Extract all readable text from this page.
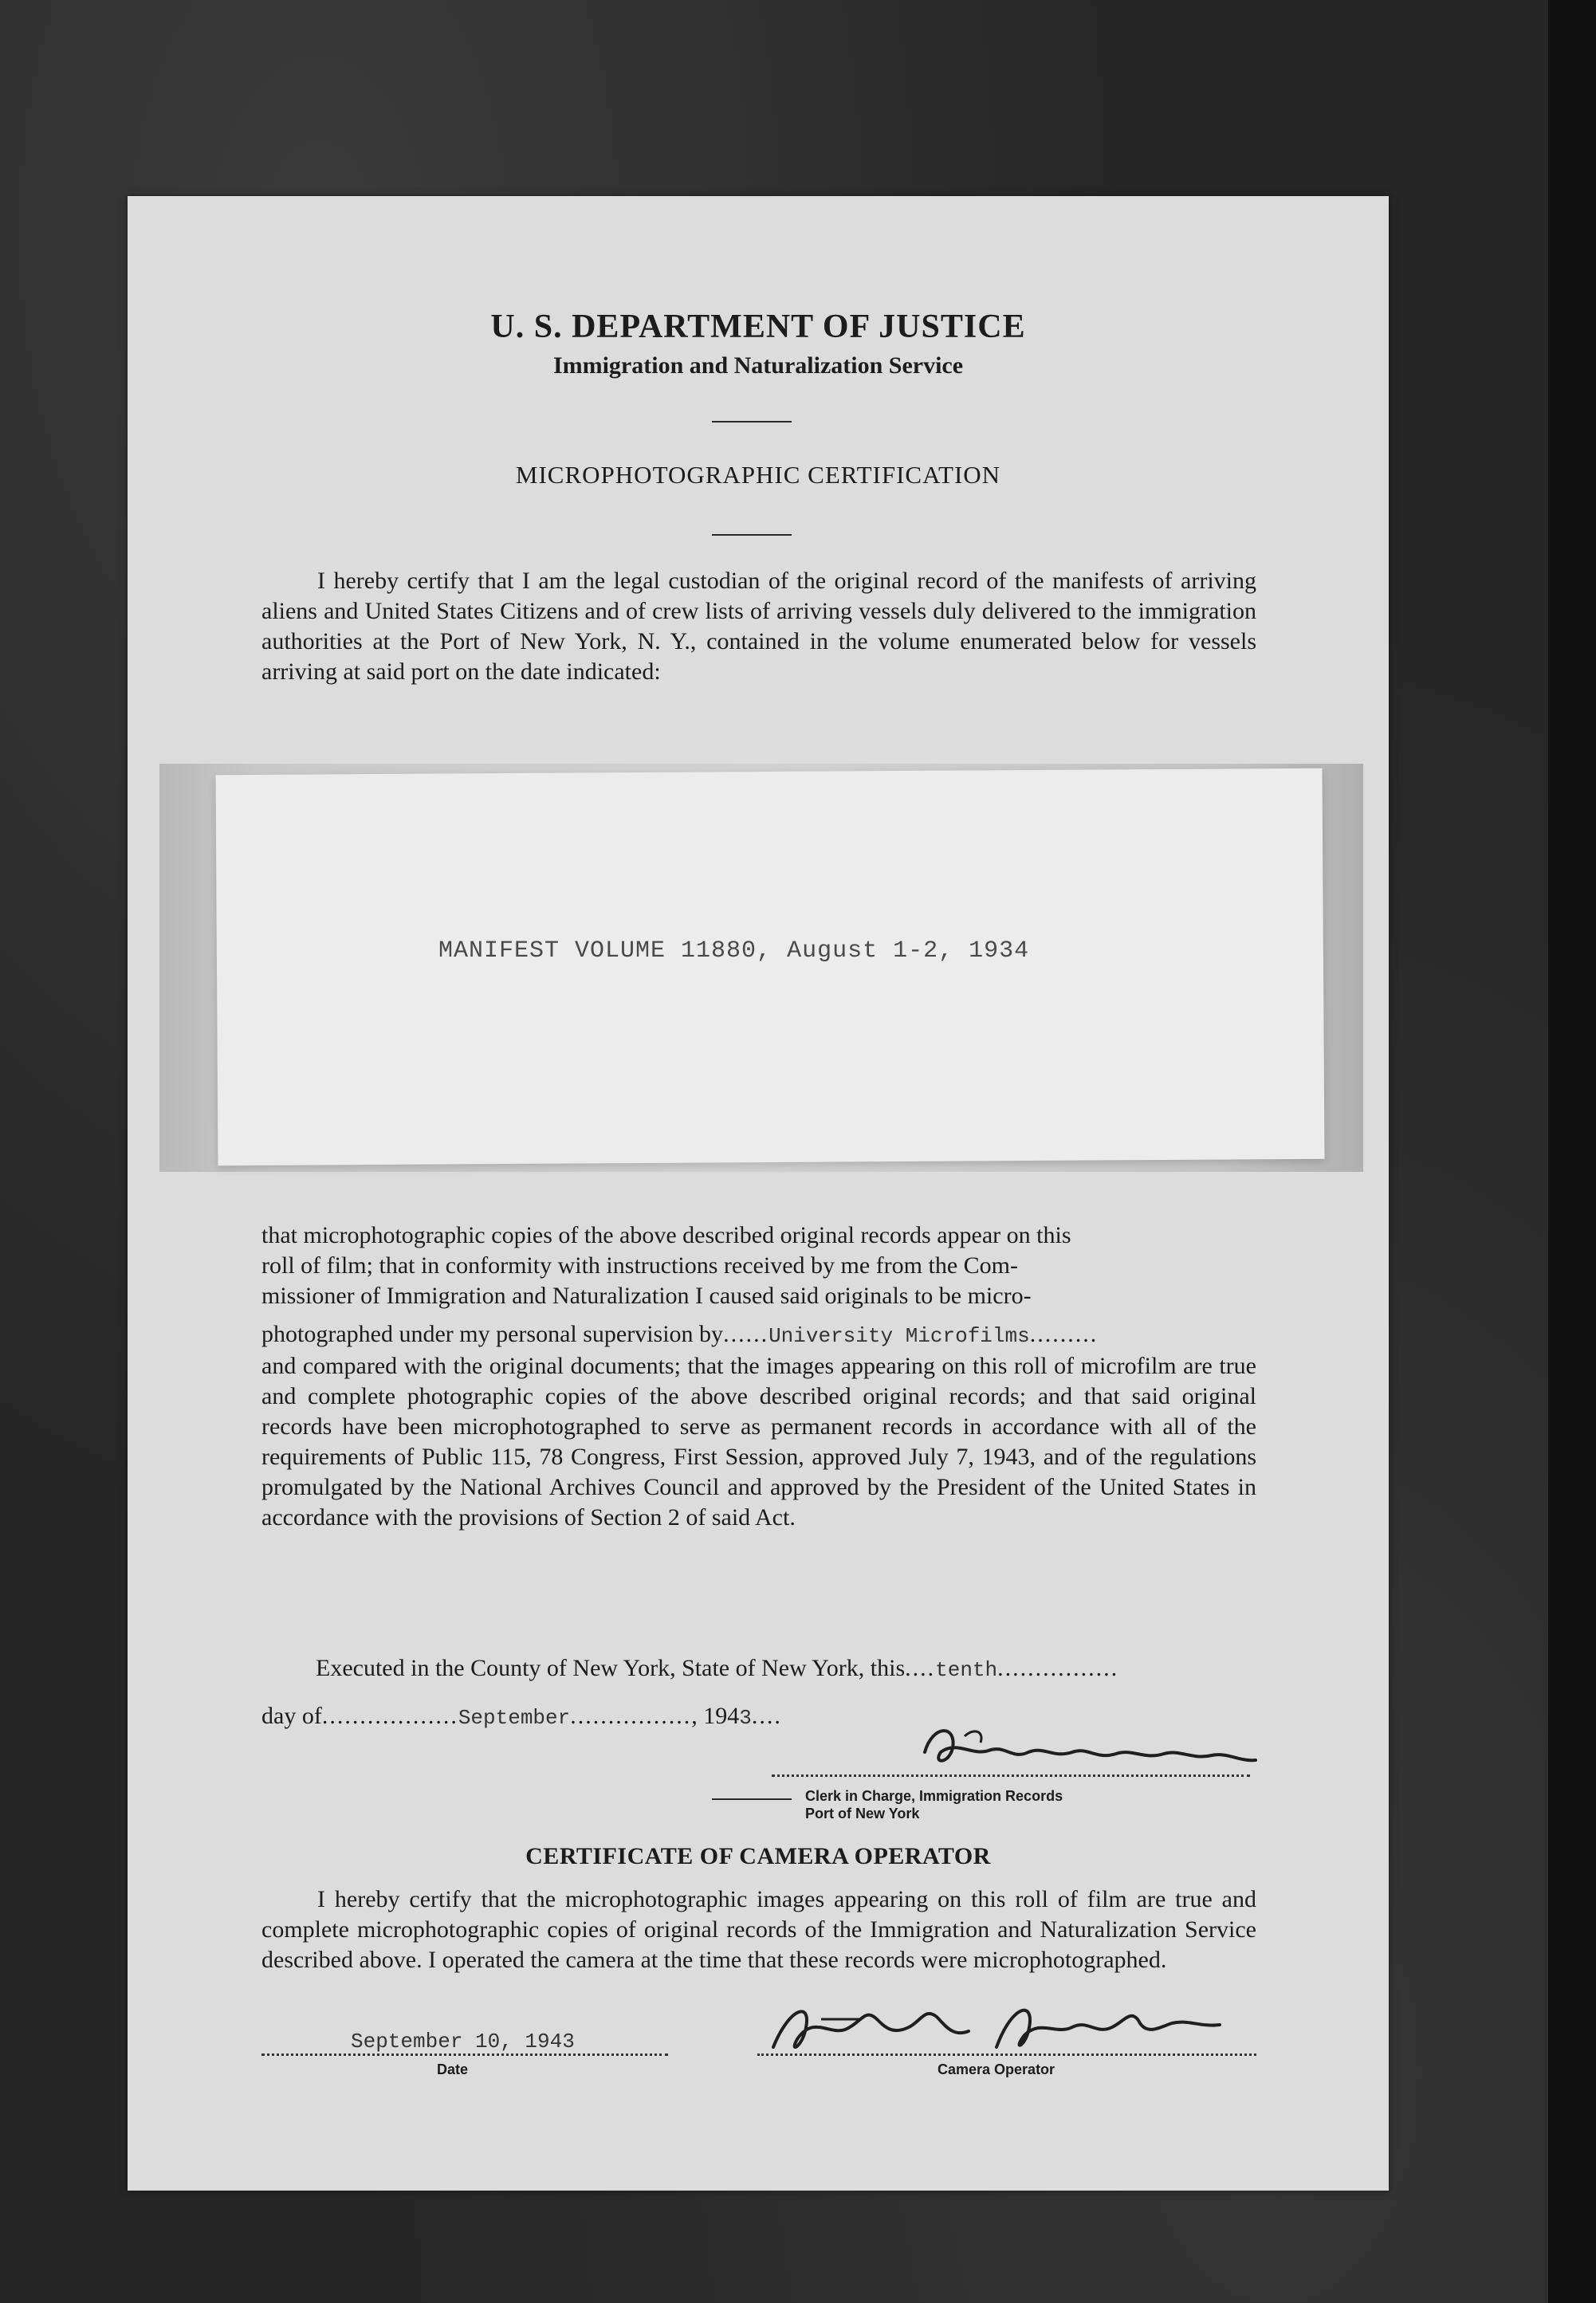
U. S. DEPARTMENT OF JUSTICE
Immigration and Naturalization Service
MICROPHOTOGRAPHIC CERTIFICATION
I hereby certify that I am the legal custodian of the original record of the manifests of arriving aliens and United States Citizens and of crew lists of arriving vessels duly delivered to the immigration authorities at the Port of New York, N. Y., contained in the volume enumerated below for vessels arriving at said port on the date indicated:
MANIFEST VOLUME 11880, August 1-2, 1934
that microphotographic copies of the above described original records appear on this
roll of film; that in conformity with instructions received by me from the Com-
missioner of Immigration and Naturalization I caused said originals to be micro-
photographed under my personal supervision by......University Microfilms.........
and compared with the original documents; that the images appearing on this roll of microfilm are true and complete photographic copies of the above described original records; and that said original records have been microphotographed to serve as permanent records in accordance with all of the requirements of Public 115, 78 Congress, First Session, approved July 7, 1943, and of the regulations promulgated by the National Archives Council and approved by the President of the United States in accordance with the provisions of Section 2 of said Act.
Executed in the County of New York, State of New York, this....tenth................
day of..................September................, 1943....
Clerk in Charge, Immigration Records
Port of New York
CERTIFICATE OF CAMERA OPERATOR
I hereby certify that the microphotographic images appearing on this roll of film are true and complete microphotographic copies of original records of the Immigration and Naturalization Service described above. I operated the camera at the time that these records were microphotographed.
September 10, 1943
Date	Camera Operator
